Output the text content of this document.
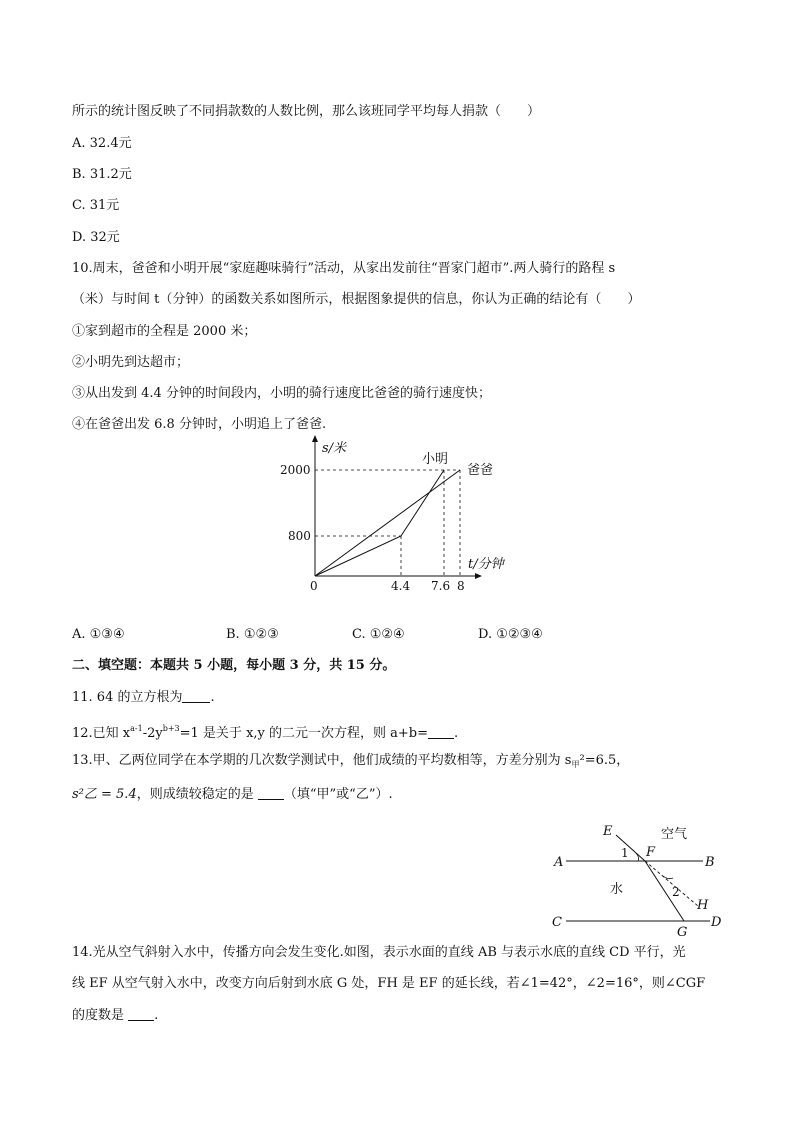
所示的统计图反映了不同捐款数的人数比例，那么该班同学平均每人捐款（　　）
A. 32.4元
B. 31.2元
C. 31元
D. 32元
10.周末，爸爸和小明开展“家庭趣味骑行”活动，从家出发前往“晋家门超市”.两人骑行的路程 s
（米）与时间 t（分钟）的函数关系如图所示，根据图象提供的信息，你认为正确的结论有（　　）
①家到超市的全程是 2000 米；
②小明先到达超市；
③从出发到 4.4 分钟的时间段内，小明的骑行速度比爸爸的骑行速度快；
④在爸爸出发 6.8 分钟时，小明追上了爸爸.
s/米
t/分钟
0
2000
800
4.4 7.6 8
小明
爸爸
A. ①③④	B. ①②③	C. ①②④	D. ①②③④
二、填空题：本题共 5 小题，每小题 3 分，共 15 分。
11. 64 的立方根为 .
12.已知 $x^{a-1}-2y^{b+3}=1$ 是关于 x,y 的二元一次方程，则 a+b= .
13.甲、乙两位同学在本学期的几次数学测试中，他们成绩的平均数相等，方差分别为 $s_甲^2=6.5$，
s²乙 = 5.4，则成绩较稳定的是 （填“甲”或“乙”）.
E
F
A	B
C	D
G
H
1
2
空气
水
14.光从空气斜射入水中，传播方向会发生变化.如图，表示水面的直线 AB 与表示水底的直线 CD 平行，光
线 EF 从空气射入水中，改变方向后射到水底 G 处，FH 是 EF 的延长线，若∠1=42°，∠2=16°，则∠CGF
的度数是 .
